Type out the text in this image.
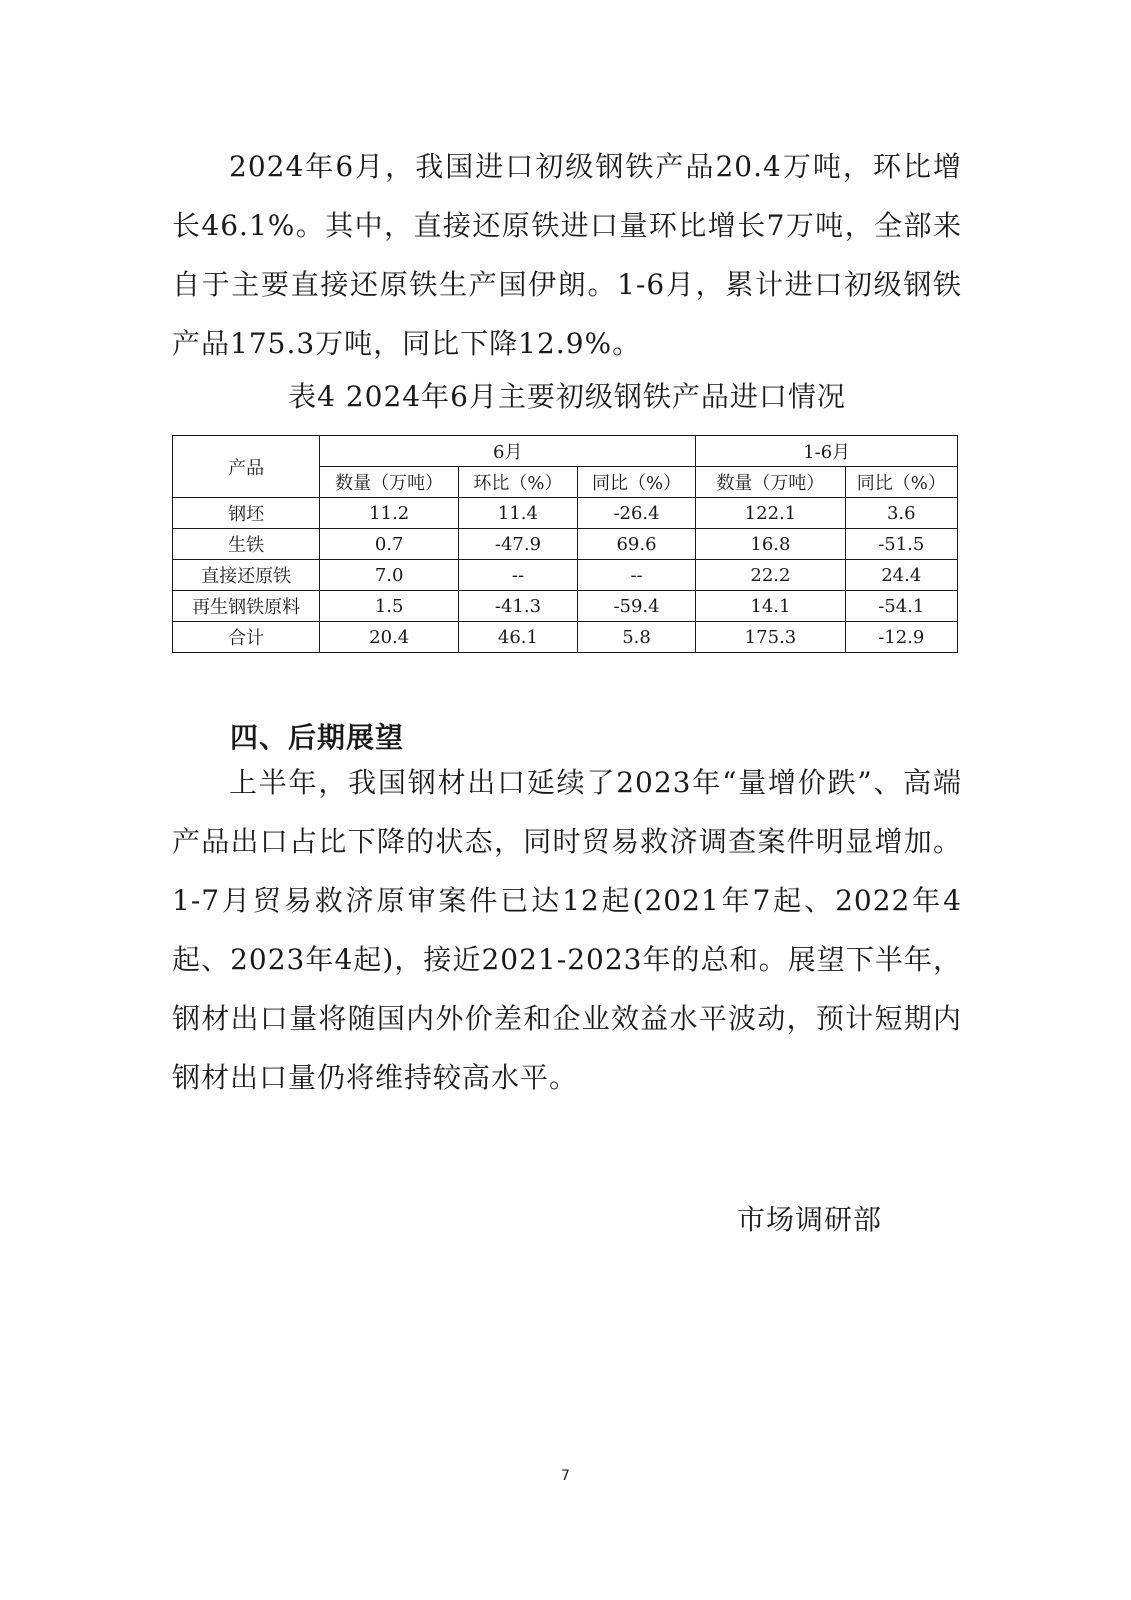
2024年6月，我国进口初级钢铁产品20.4万吨，环比增长46.1%。其中，直接还原铁进口量环比增长7万吨，全部来自于主要直接还原铁生产国伊朗。1-6月，累计进口初级钢铁产品175.3万吨，同比下降12.9%。

表4 2024年6月主要初级钢铁产品进口情况
产品	6月			1-6月	
	数量（万吨）	环比（%）	同比（%）	数量（万吨）	同比（%）
钢坯	11.2	11.4	-26.4	122.1	3.6
生铁	0.7	-47.9	69.6	16.8	-51.5
直接还原铁	7.0	--	--	22.2	24.4
再生钢铁原料	1.5	-41.3	-59.4	14.1	-54.1
合计	20.4	46.1	5.8	175.3	-12.9
四、后期展望

上半年，我国钢材出口延续了2023年“量增价跌”、高端产品出口占比下降的状态，同时贸易救济调查案件明显增加。1-7月贸易救济原审案件已达12起(2021年7起、2022年4起、2023年4起)，接近2021-2023年的总和。展望下半年，钢材出口量将随国内外价差和企业效益水平波动，预计短期内钢材出口量仍将维持较高水平。

市场调研部
7
